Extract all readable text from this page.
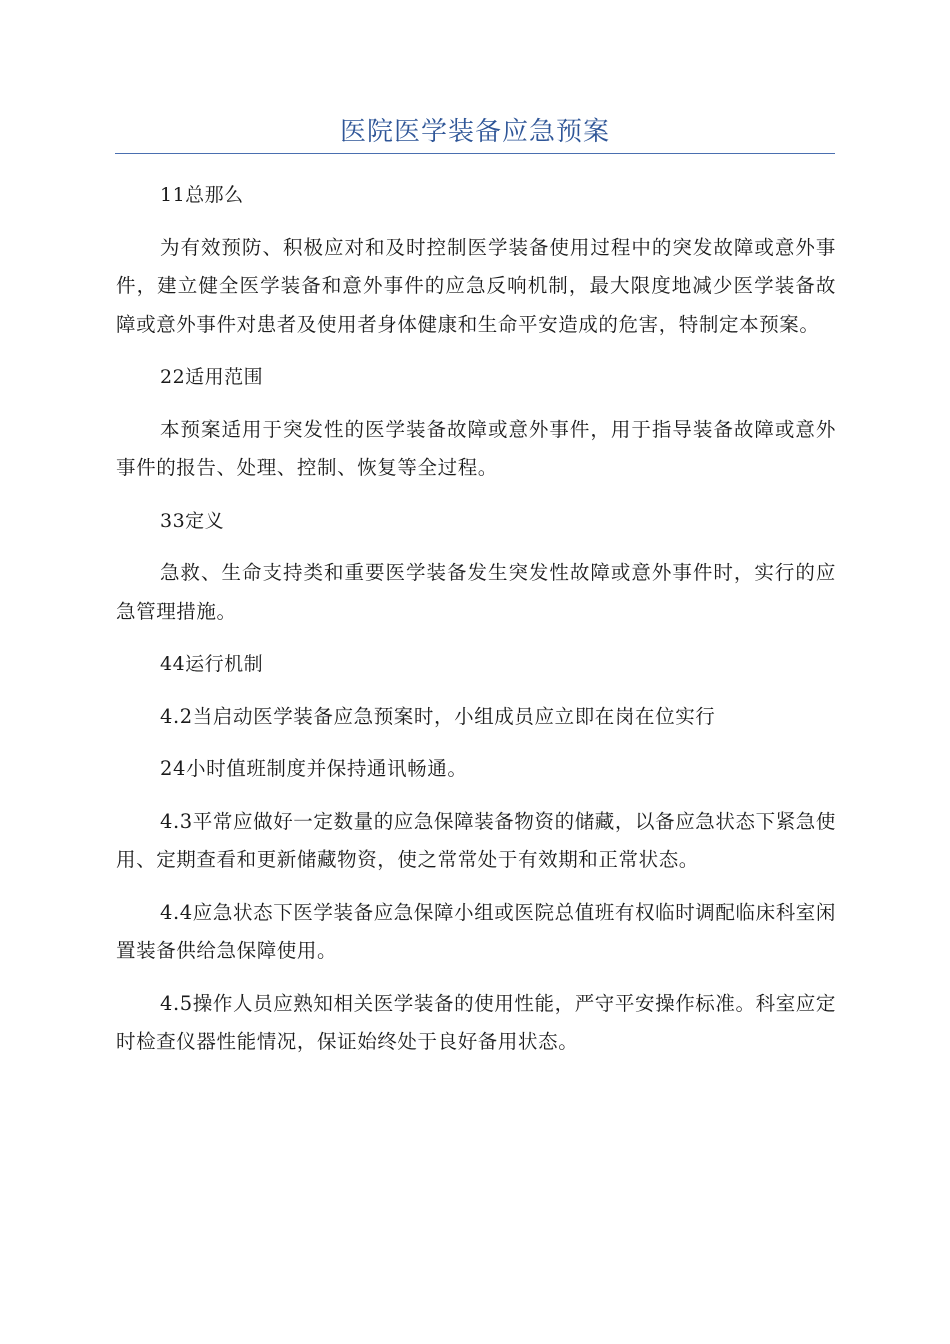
医院医学装备应急预案

11总那么

为有效预防、积极应对和及时控制医学装备使用过程中的突发故障或意外事件，建立健全医学装备和意外事件的应急反响机制，最大限度地减少医学装备故障或意外事件对患者及使用者身体健康和生命平安造成的危害，特制定本预案。

22适用范围

本预案适用于突发性的医学装备故障或意外事件，用于指导装备故障或意外事件的报告、处理、控制、恢复等全过程。

33定义

急救、生命支持类和重要医学装备发生突发性故障或意外事件时，实行的应急管理措施。

44运行机制

4.2当启动医学装备应急预案时，小组成员应立即在岗在位实行

24小时值班制度并保持通讯畅通。

4.3平常应做好一定数量的应急保障装备物资的储藏，以备应急状态下紧急使用、定期查看和更新储藏物资，使之常常处于有效期和正常状态。

4.4应急状态下医学装备应急保障小组或医院总值班有权临时调配临床科室闲置装备供给急保障使用。

4.5操作人员应熟知相关医学装备的使用性能，严守平安操作标准。科室应定时检查仪器性能情况，保证始终处于良好备用状态。
